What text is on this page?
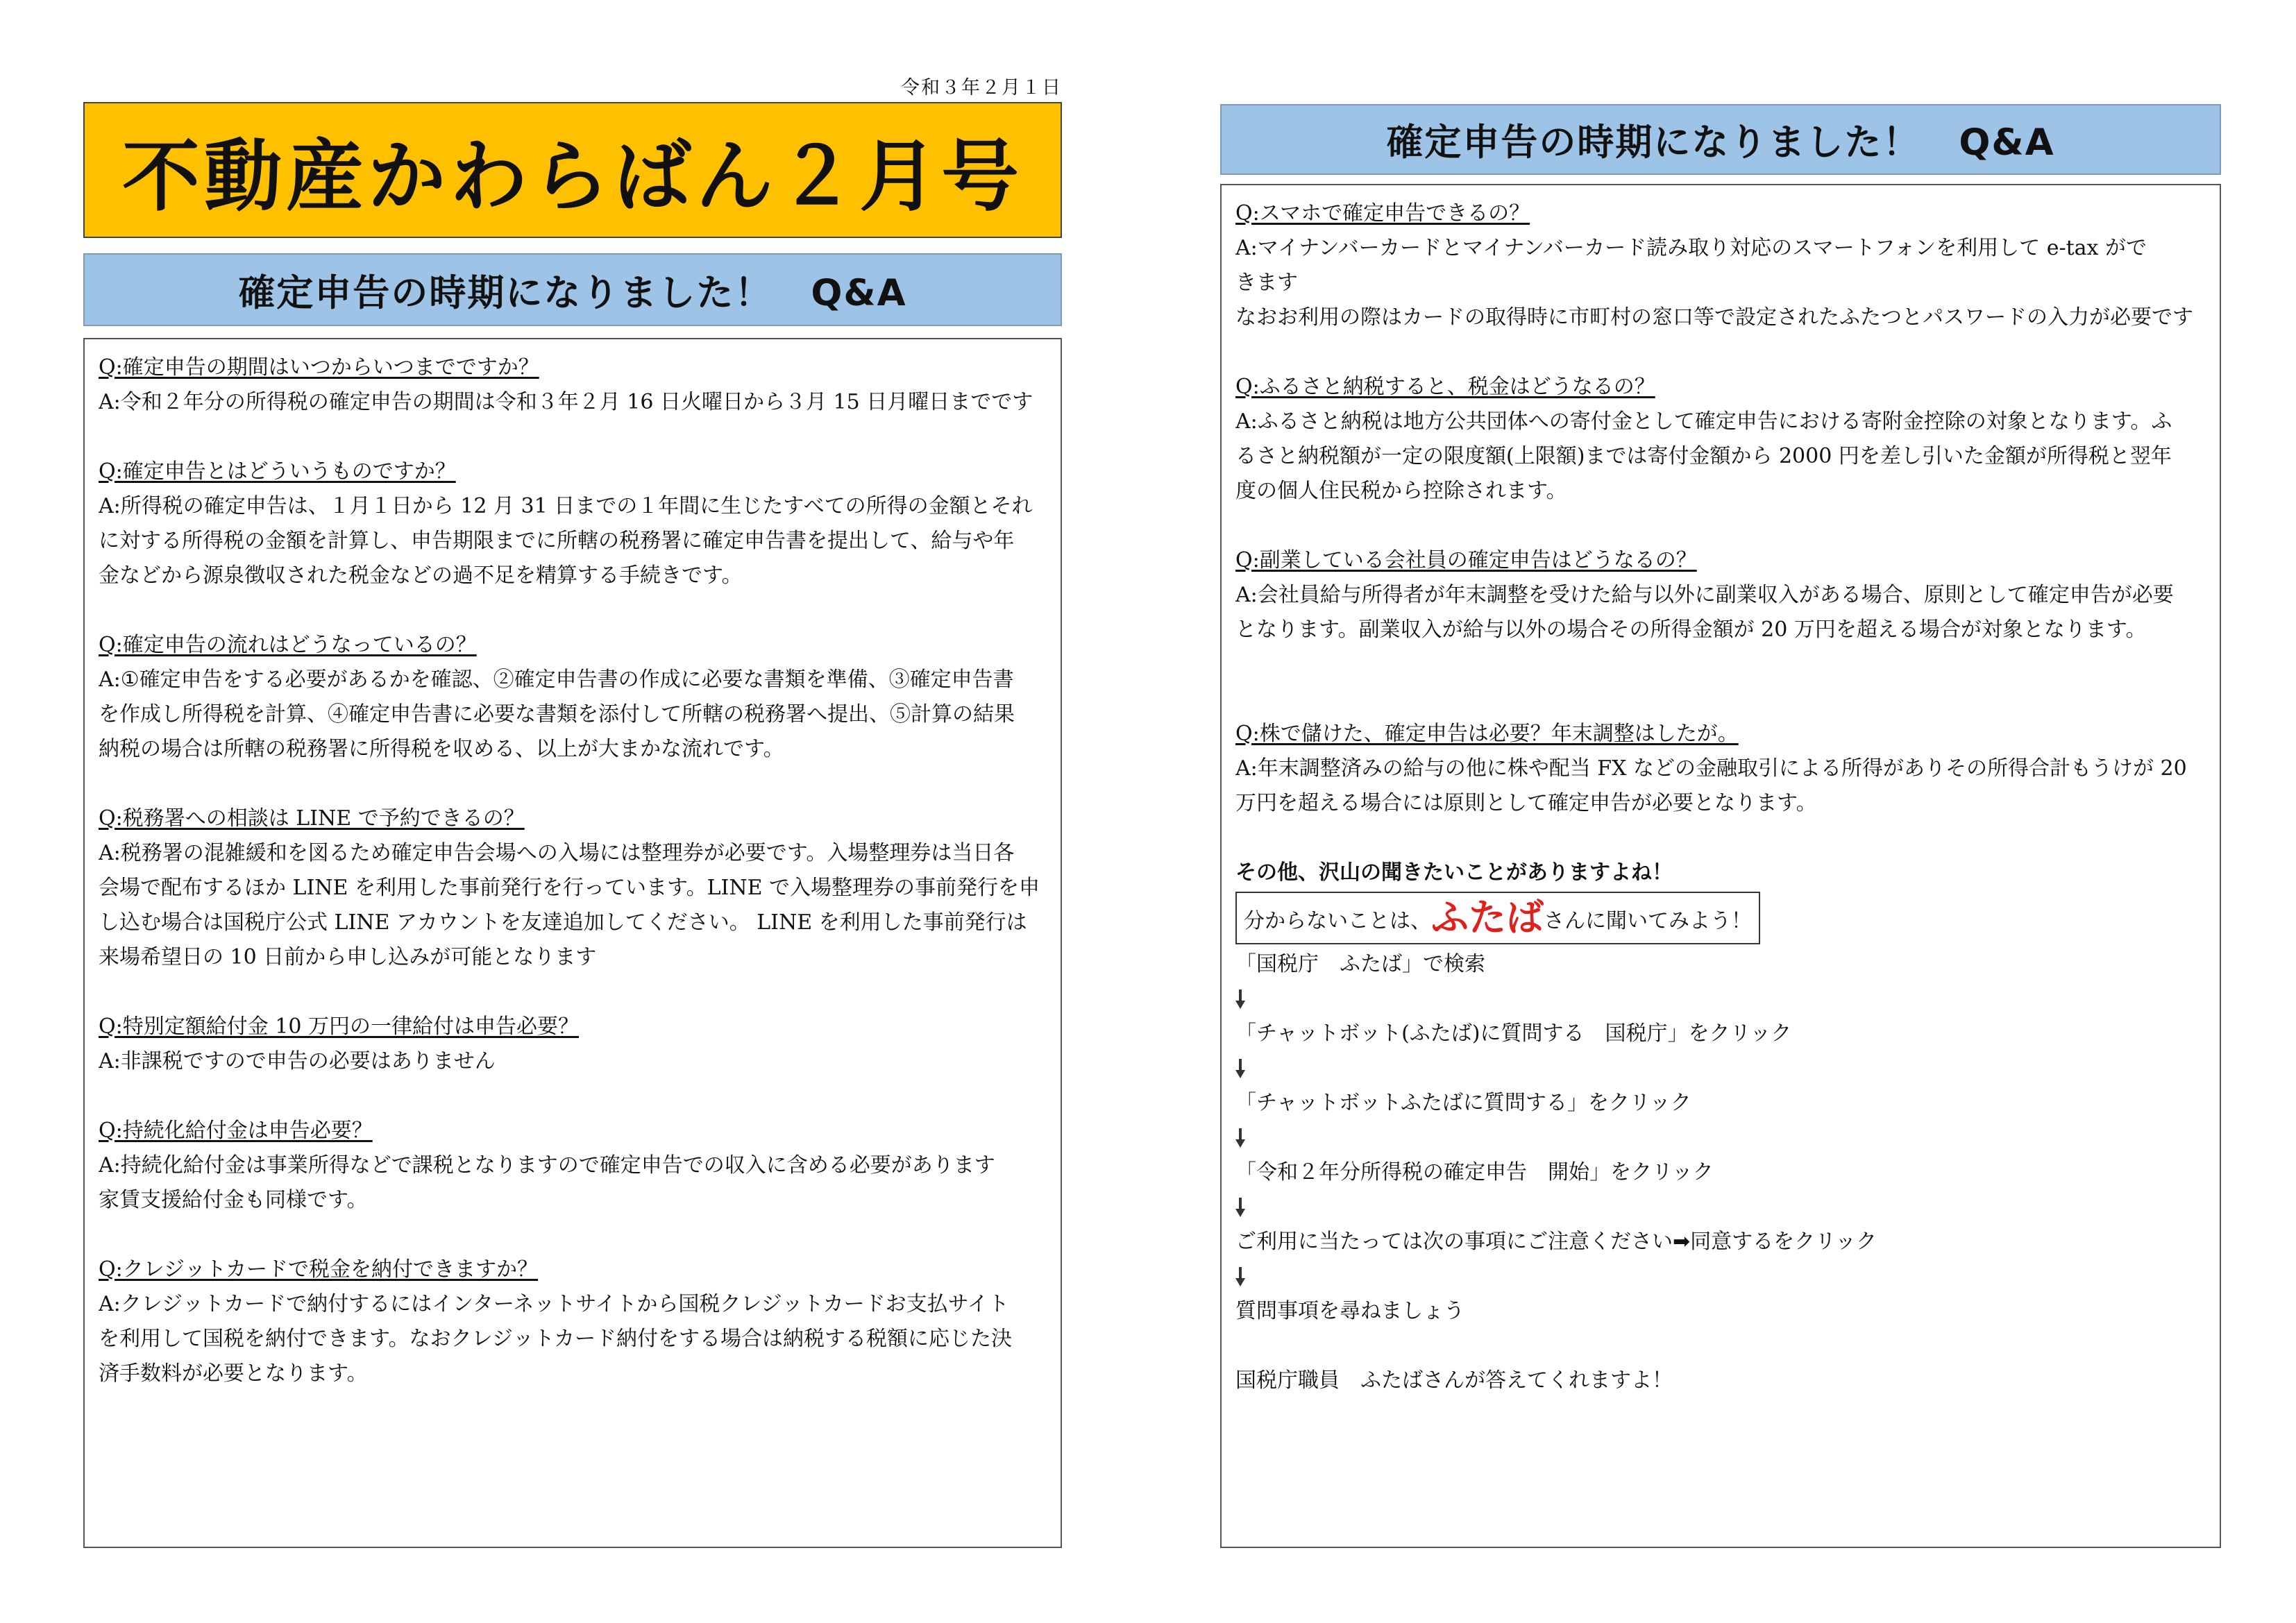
令和３年２月１日
不動産かわらばん２月号
確定申告の時期になりました！　Q&A
Q:確定申告の期間はいつからいつまでですか？
A:令和２年分の所得税の確定申告の期間は令和３年２月 16 日火曜日から３月 15 日月曜日までです
Q:確定申告とはどういうものですか？
A:所得税の確定申告は、１月１日から 12 月 31 日までの１年間に生じたすべての所得の金額とそれ
に対する所得税の金額を計算し、申告期限までに所轄の税務署に確定申告書を提出して、給与や年
金などから源泉徴収された税金などの過不足を精算する手続きです。
Q:確定申告の流れはどうなっているの？
A:①確定申告をする必要があるかを確認、②確定申告書の作成に必要な書類を準備、③確定申告書
を作成し所得税を計算、④確定申告書に必要な書類を添付して所轄の税務署へ提出、⑤計算の結果
納税の場合は所轄の税務署に所得税を収める、以上が大まかな流れです。
Q:税務署への相談は LINE で予約できるの？
A:税務署の混雑緩和を図るため確定申告会場への入場には整理券が必要です。入場整理券は当日各
会場で配布するほか LINE を利用した事前発行を行っています。LINE で入場整理券の事前発行を申
し込む場合は国税庁公式 LINE アカウントを友達追加してください。 LINE を利用した事前発行は
来場希望日の 10 日前から申し込みが可能となります
Q:特別定額給付金 10 万円の一律給付は申告必要？
A:非課税ですので申告の必要はありません
Q:持続化給付金は申告必要？
A:持続化給付金は事業所得などで課税となりますので確定申告での収入に含める必要があります
家賃支援給付金も同様です。
Q:クレジットカードで税金を納付できますか？
A:クレジットカードで納付するにはインターネットサイトから国税クレジットカードお支払サイト
を利用して国税を納付できます。なおクレジットカード納付をする場合は納税する税額に応じた決
済手数料が必要となります。
確定申告の時期になりました！　Q&A
Q:スマホで確定申告できるの？
A:マイナンバーカードとマイナンバーカード読み取り対応のスマートフォンを利用して e-tax がで
きます
なおお利用の際はカードの取得時に市町村の窓口等で設定されたふたつとパスワードの入力が必要です
Q:ふるさと納税すると、税金はどうなるの？
A:ふるさと納税は地方公共団体への寄付金として確定申告における寄附金控除の対象となります。ふ
るさと納税額が一定の限度額(上限額)までは寄付金額から 2000 円を差し引いた金額が所得税と翌年
度の個人住民税から控除されます。
Q:副業している会社員の確定申告はどうなるの？
A:会社員給与所得者が年末調整を受けた給与以外に副業収入がある場合、原則として確定申告が必要
となります。副業収入が給与以外の場合その所得金額が 20 万円を超える場合が対象となります。
Q:株で儲けた、確定申告は必要？年末調整はしたが。
A:年末調整済みの給与の他に株や配当 FX などの金融取引による所得がありその所得合計もうけが 20
万円を超える場合には原則として確定申告が必要となります。
その他、沢山の聞きたいことがありますよね！
分からないことは、ふたばさんに聞いてみよう！
「国税庁　ふたば」で検索
「チャットボット(ふたば)に質問する　国税庁」をクリック
「チャットボットふたばに質問する」をクリック
「令和２年分所得税の確定申告　開始」をクリック
ご利用に当たっては次の事項にご注意ください➡同意するをクリック
質問事項を尋ねましょう
国税庁職員　ふたばさんが答えてくれますよ！
